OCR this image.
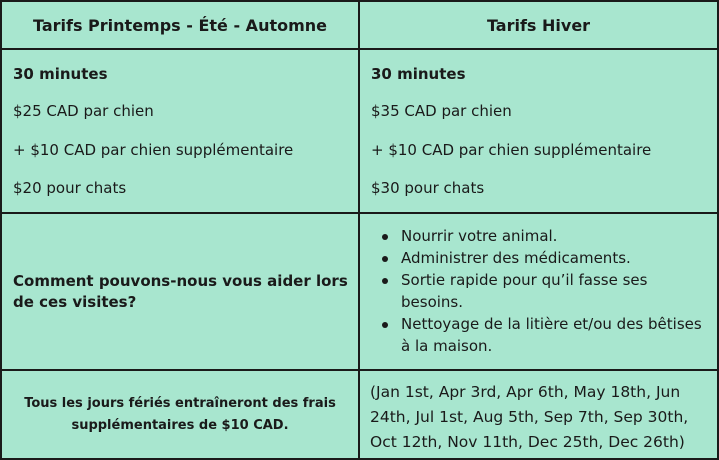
Tarifs Printemps - Été - Automne	Tarifs Hiver

30 minutes

$25 CAD par chien

+ $10 CAD par chien supplémentaire

$20 pour chats

30 minutes

$35 CAD par chien

+ $10 CAD par chien supplémentaire

$30 pour chats

Comment pouvons-nous vous aider lors de ces visites?
Nourrir votre animal.
Administrer des médicaments.
Sortie rapide pour qu’il fasse ses besoins.
Nettoyage de la litière et/ou des bêtises à la maison.
Tous les jours fériés entraîneront des frais supplémentaires de $10 CAD.
(Jan 1st, Apr 3rd, Apr 6th, May 18th, Jun 24th, Jul 1st, Aug 5th, Sep 7th, Sep 30th, Oct 12th, Nov 11th, Dec 25th, Dec 26th)
